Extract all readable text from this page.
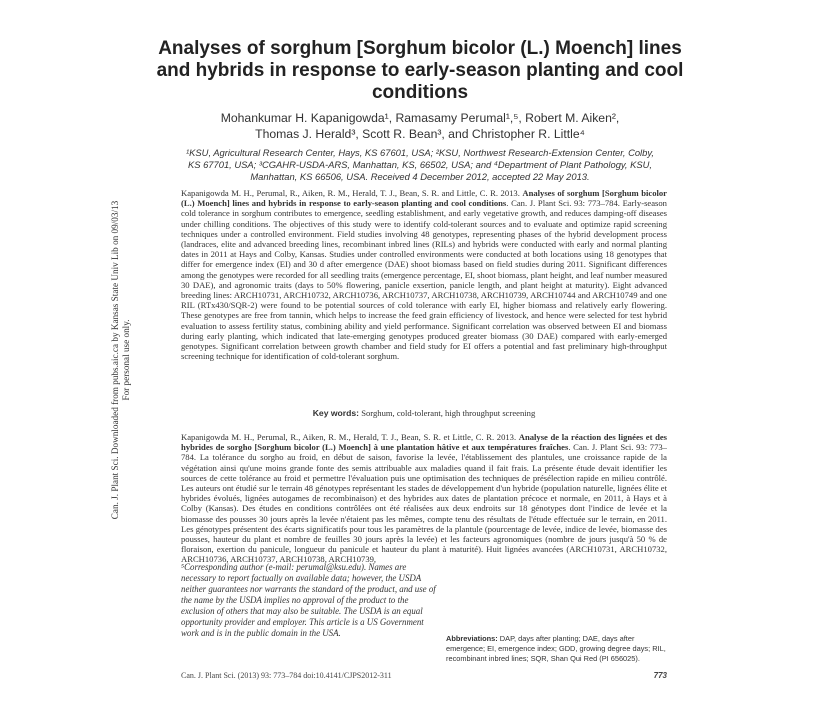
Analyses of sorghum [Sorghum bicolor (L.) Moench] lines and hybrids in response to early-season planting and cool conditions
Mohankumar H. Kapanigowda¹, Ramasamy Perumal¹,⁵, Robert M. Aiken²,
Thomas J. Herald³, Scott R. Bean³, and Christopher R. Little⁴
¹KSU, Agricultural Research Center, Hays, KS 67601, USA; ²KSU, Northwest Research-Extension Center, Colby, KS 67701, USA; ³CGAHR-USDA-ARS, Manhattan, KS, 66502, USA; and ⁴Department of Plant Pathology, KSU, Manhattan, KS 66506, USA. Received 4 December 2012, accepted 22 May 2013.
Kapanigowda M. H., Perumal, R., Aiken, R. M., Herald, T. J., Bean, S. R. and Little, C. R. 2013. Analyses of sorghum [Sorghum bicolor (L.) Moench] lines and hybrids in response to early-season planting and cool conditions. Can. J. Plant Sci. 93: 773–784. Early-season cold tolerance in sorghum contributes to emergence, seedling establishment, and early vegetative growth, and reduces damping-off diseases under chilling conditions. The objectives of this study were to identify cold-tolerant sources and to evaluate and optimize rapid screening techniques under a controlled environment. Field studies involving 48 genotypes, representing phases of the hybrid development process (landraces, elite and advanced breeding lines, recombinant inbred lines (RILs) and hybrids were conducted with early and normal planting dates in 2011 at Hays and Colby, Kansas. Studies under controlled environments were conducted at both locations using 18 genotypes that differ for emergence index (EI) and 30 d after emergence (DAE) shoot biomass based on field studies during 2011. Significant differences among the genotypes were recorded for all seedling traits (emergence percentage, EI, shoot biomass, plant height, and leaf number measured 30 DAE), and agronomic traits (days to 50% flowering, panicle exsertion, panicle length, and plant height at maturity). Eight advanced breeding lines: ARCH10731, ARCH10732, ARCH10736, ARCH10737, ARCH10738, ARCH10739, ARCH10744 and ARCH10749 and one RIL (RTx430/SQR-2) were found to be potential sources of cold tolerance with early EI, higher biomass and relatively early flowering. These genotypes are free from tannin, which helps to increase the feed grain efficiency of livestock, and hence were selected for test hybrid evaluation to assess fertility status, combining ability and yield performance. Significant correlation was observed between EI and biomass during early planting, which indicated that late-emerging genotypes produced greater biomass (30 DAE) compared with early-emerged genotypes. Significant correlation between growth chamber and field study for EI offers a potential and fast preliminary high-throughput screening technique for identification of cold-tolerant sorghum.
Key words: Sorghum, cold-tolerant, high throughput screening
Kapanigowda M. H., Perumal, R., Aiken, R. M., Herald, T. J., Bean, S. R. et Little, C. R. 2013. Analyse de la réaction des lignées et des hybrides de sorgho [Sorghum bicolor (L.) Moench] à une plantation hâtive et aux températures fraîches. Can. J. Plant Sci. 93: 773–784. La tolérance du sorgho au froid, en début de saison, favorise la levée, l'établissement des plantules, une croissance rapide de la végétation ainsi qu'une moins grande fonte des semis attribuable aux maladies quand il fait frais. La présente étude devait identifier les sources de cette tolérance au froid et permettre l'évaluation puis une optimisation des techniques de présélection rapide en milieu contrôlé. Les auteurs ont étudié sur le terrain 48 génotypes représentant les stades de développement d'un hybride (population naturelle, lignées élite et hybrides évolués, lignées autogames de recombinaison) et des hybrides aux dates de plantation précoce et normale, en 2011, à Hays et à Colby (Kansas). Des études en conditions contrôlées ont été réalisées aux deux endroits sur 18 génotypes dont l'indice de levée et la biomasse des pousses 30 jours après la levée n'étaient pas les mêmes, compte tenu des résultats de l'étude effectuée sur le terrain, en 2011. Les génotypes présentent des écarts significatifs pour tous les paramètres de la plantule (pourcentage de levée, indice de levée, biomasse des pousses, hauteur du plant et nombre de feuilles 30 jours après la levée) et les facteurs agronomiques (nombre de jours jusqu'à 50 % de floraison, exertion du panicule, longueur du panicule et hauteur du plant à maturité). Huit lignées avancées (ARCH10731, ARCH10732, ARCH10736, ARCH10737, ARCH10738, ARCH10739,
⁵Corresponding author (e-mail: perumal@ksu.edu). Names are necessary to report factually on available data; however, the USDA neither guarantees nor warrants the standard of the product, and use of the name by the USDA implies no approval of the product to the exclusion of others that may also be suitable. The USDA is an equal opportunity provider and employer. This article is a US Government work and is in the public domain in the USA.
Abbreviations: DAP, days after planting; DAE, days after emergence; EI, emergence index; GDD, growing degree days; RIL, recombinant inbred lines; SQR, Shan Qui Red (PI 656025).
Can. J. Plant Sci. (2013) 93: 773–784 doi:10.4141/CJPS2012-311	773
Can. J. Plant Sci. Downloaded from pubs.aic.ca by Kansas State Univ Lib on 09/03/13 For personal use only.
